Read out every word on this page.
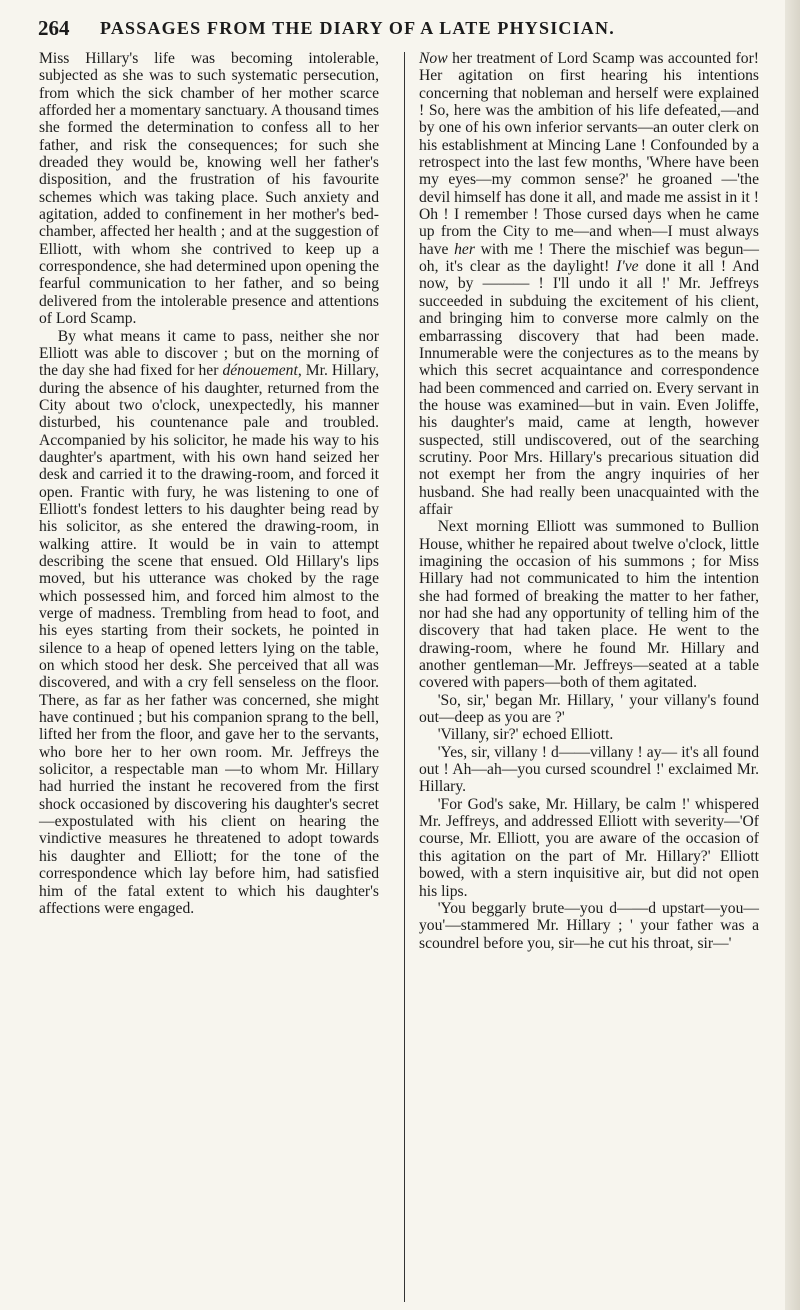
264 PASSAGES FROM THE DIARY OF A LATE PHYSICIAN.

Miss Hillary's life was becoming intolerable, subjected as she was to such systematic persecution, from which the sick chamber of her mother scarce afforded her a momentary sanctuary. A thousand times she formed the determination to confess all to her father, and risk the consequences; for such she dreaded they would be, knowing well her father's disposition, and the frustration of his favourite schemes which was taking place. Such anxiety and agitation, added to confinement in her mother's bed-chamber, affected her health ; and at the suggestion of Elliott, with whom she contrived to keep up a correspondence, she had determined upon opening the fearful communication to her father, and so being delivered from the intolerable presence and attentions of Lord Scamp.

By what means it came to pass, neither she nor Elliott was able to discover ; but on the morning of the day she had fixed for her dénouement, Mr. Hillary, during the absence of his daughter, returned from the City about two o'clock, unexpectedly, his manner disturbed, his countenance pale and troubled. Accompanied by his solicitor, he made his way to his daughter's apartment, with his own hand seized her desk and carried it to the drawing-room, and forced it open. Frantic with fury, he was listening to one of Elliott's fondest letters to his daughter being read by his solicitor, as she entered the drawing-room, in walking attire. It would be in vain to attempt describing the scene that ensued. Old Hillary's lips moved, but his utterance was choked by the rage which possessed him, and forced him almost to the verge of madness. Trembling from head to foot, and his eyes starting from their sockets, he pointed in silence to a heap of opened letters lying on the table, on which stood her desk. She perceived that all was discovered, and with a cry fell senseless on the floor. There, as far as her father was concerned, she might have continued ; but his companion sprang to the bell, lifted her from the floor, and gave her to the servants, who bore her to her own room. Mr. Jeffreys the solicitor, a respectable man —to whom Mr. Hillary had hurried the instant he recovered from the first shock occasioned by discovering his daughter's secret—expostulated with his client on hearing the vindictive measures he threatened to adopt towards his daughter and Elliott; for the tone of the correspondence which lay before him, had satisfied him of the fatal extent to which his daughter's affections were engaged.

Now her treatment of Lord Scamp was accounted for! Her agitation on first hearing his intentions concerning that nobleman and herself were explained ! So, here was the ambition of his life defeated,—and by one of his own inferior servants—an outer clerk on his establishment at Mincing Lane ! Confounded by a retrospect into the last few months, 'Where have been my eyes—my common sense?' he groaned —'the devil himself has done it all, and made me assist in it ! Oh ! I remember ! Those cursed days when he came up from the City to me—and when—I must always have her with me ! There the mischief was begun— oh, it's clear as the daylight! I've done it all ! And now, by ——— ! I'll undo it all !' Mr. Jeffreys succeeded in subduing the excitement of his client, and bringing him to converse more calmly on the embarrassing discovery that had been made. Innumerable were the conjectures as to the means by which this secret acquaintance and correspondence had been commenced and carried on. Every servant in the house was examined—but in vain. Even Joliffe, his daughter's maid, came at length, however suspected, still undiscovered, out of the searching scrutiny. Poor Mrs. Hillary's precarious situation did not exempt her from the angry inquiries of her husband. She had really been unacquainted with the affair

Next morning Elliott was summoned to Bullion House, whither he repaired about twelve o'clock, little imagining the occasion of his summons ; for Miss Hillary had not communicated to him the intention she had formed of breaking the matter to her father, nor had she had any opportunity of telling him of the discovery that had taken place. He went to the drawing-room, where he found Mr. Hillary and another gentleman—Mr. Jeffreys—seated at a table covered with papers—both of them agitated.

'So, sir,' began Mr. Hillary, ' your villany's found out—deep as you are ?'

'Villany, sir?' echoed Elliott.

'Yes, sir, villany ! d——villany ! ay— it's all found out ! Ah—ah—you cursed scoundrel !' exclaimed Mr. Hillary.

'For God's sake, Mr. Hillary, be calm !' whispered Mr. Jeffreys, and addressed Elliott with severity—'Of course, Mr. Elliott, you are aware of the occasion of this agitation on the part of Mr. Hillary?' Elliott bowed, with a stern inquisitive air, but did not open his lips.

'You beggarly brute—you d——d upstart—you—you'—stammered Mr. Hillary ; ' your father was a scoundrel before you, sir—he cut his throat, sir—'
